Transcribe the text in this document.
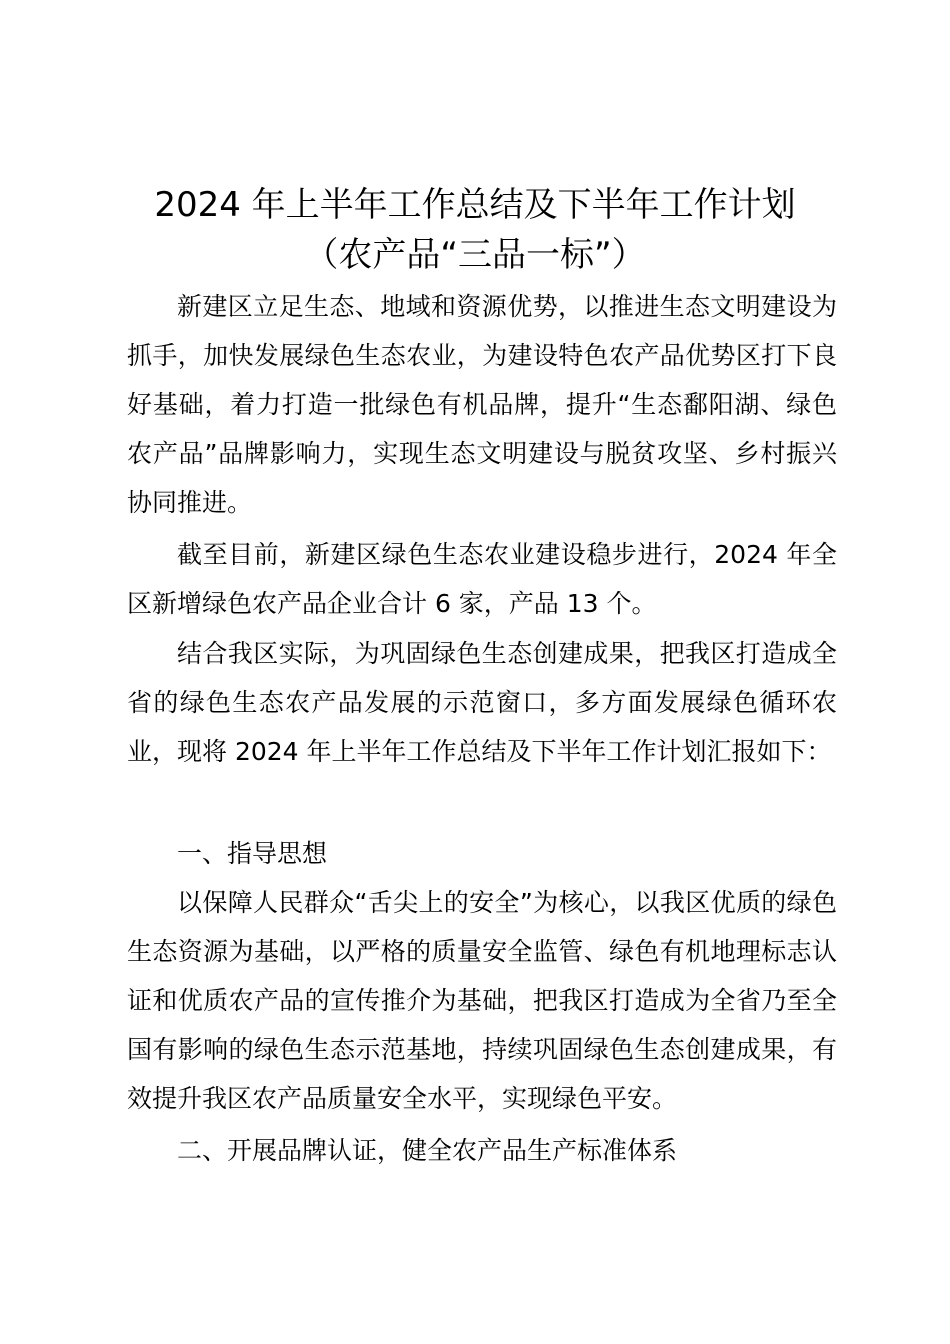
2024 年上半年工作总结及下半年工作计划
（农产品“三品一标”）

新建区立足生态、地域和资源优势，以推进生态文明建设为抓手，加快发展绿色生态农业，为建设特色农产品优势区打下良好基础，着力打造一批绿色有机品牌，提升“生态鄱阳湖、绿色农产品”品牌影响力，实现生态文明建设与脱贫攻坚、乡村振兴协同推进。

截至目前，新建区绿色生态农业建设稳步进行，2024 年全区新增绿色农产品企业合计 6 家，产品 13 个。

结合我区实际，为巩固绿色生态创建成果，把我区打造成全省的绿色生态农产品发展的示范窗口，多方面发展绿色循环农业，现将 2024 年上半年工作总结及下半年工作计划汇报如下：

一、指导思想

以保障人民群众“舌尖上的安全”为核心，以我区优质的绿色生态资源为基础，以严格的质量安全监管、绿色有机地理标志认证和优质农产品的宣传推介为基础，把我区打造成为全省乃至全国有影响的绿色生态示范基地，持续巩固绿色生态创建成果，有效提升我区农产品质量安全水平，实现绿色平安。

二、开展品牌认证，健全农产品生产标准体系
